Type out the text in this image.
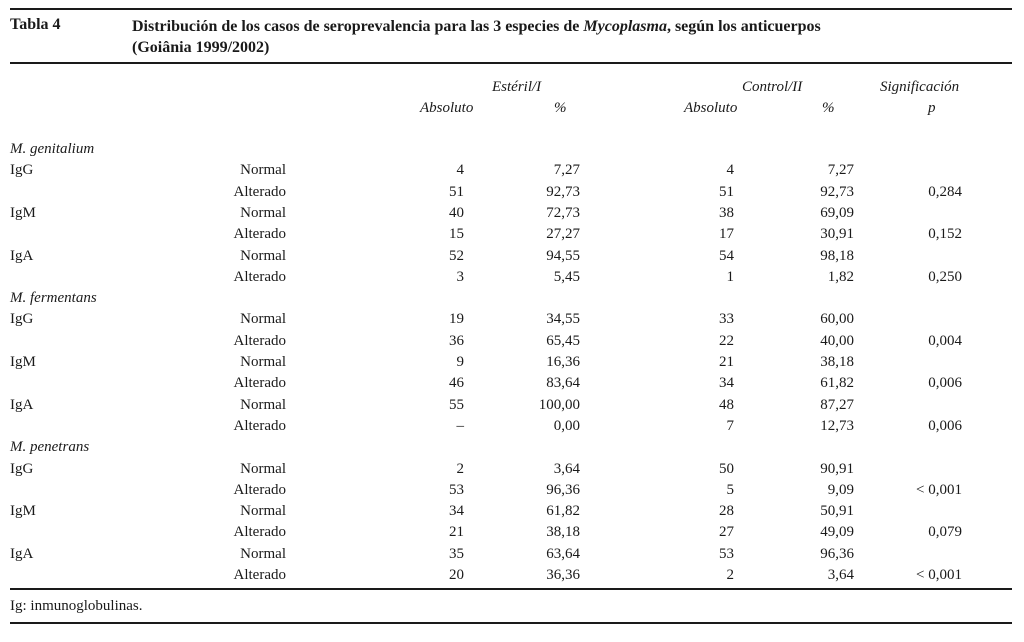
Tabla 4	Distribución de los casos de seroprevalencia para las 3 especies de Mycoplasma, según los anticuerpos
(Goiânia 1999/2002)
Estéril/I	Control/II	Significación
Absoluto	%	Absoluto	%	p
M. genitalium
IgG	Normal	4	7,27	4	7,27
Alterado	51	92,73	51	92,73	0,284
IgM	Normal	40	72,73	38	69,09
Alterado	15	27,27	17	30,91	0,152
IgA	Normal	52	94,55	54	98,18
Alterado	3	5,45	1	1,82	0,250
M. fermentans
IgG	Normal	19	34,55	33	60,00
Alterado	36	65,45	22	40,00	0,004
IgM	Normal	9	16,36	21	38,18
Alterado	46	83,64	34	61,82	0,006
IgA	Normal	55	100,00	48	87,27
Alterado	–	0,00	7	12,73	0,006
M. penetrans
IgG	Normal	2	3,64	50	90,91
Alterado	53	96,36	5	9,09	< 0,001
IgM	Normal	34	61,82	28	50,91
Alterado	21	38,18	27	49,09	0,079
IgA	Normal	35	63,64	53	96,36
Alterado	20	36,36	2	3,64	< 0,001
Ig: inmunoglobulinas.
